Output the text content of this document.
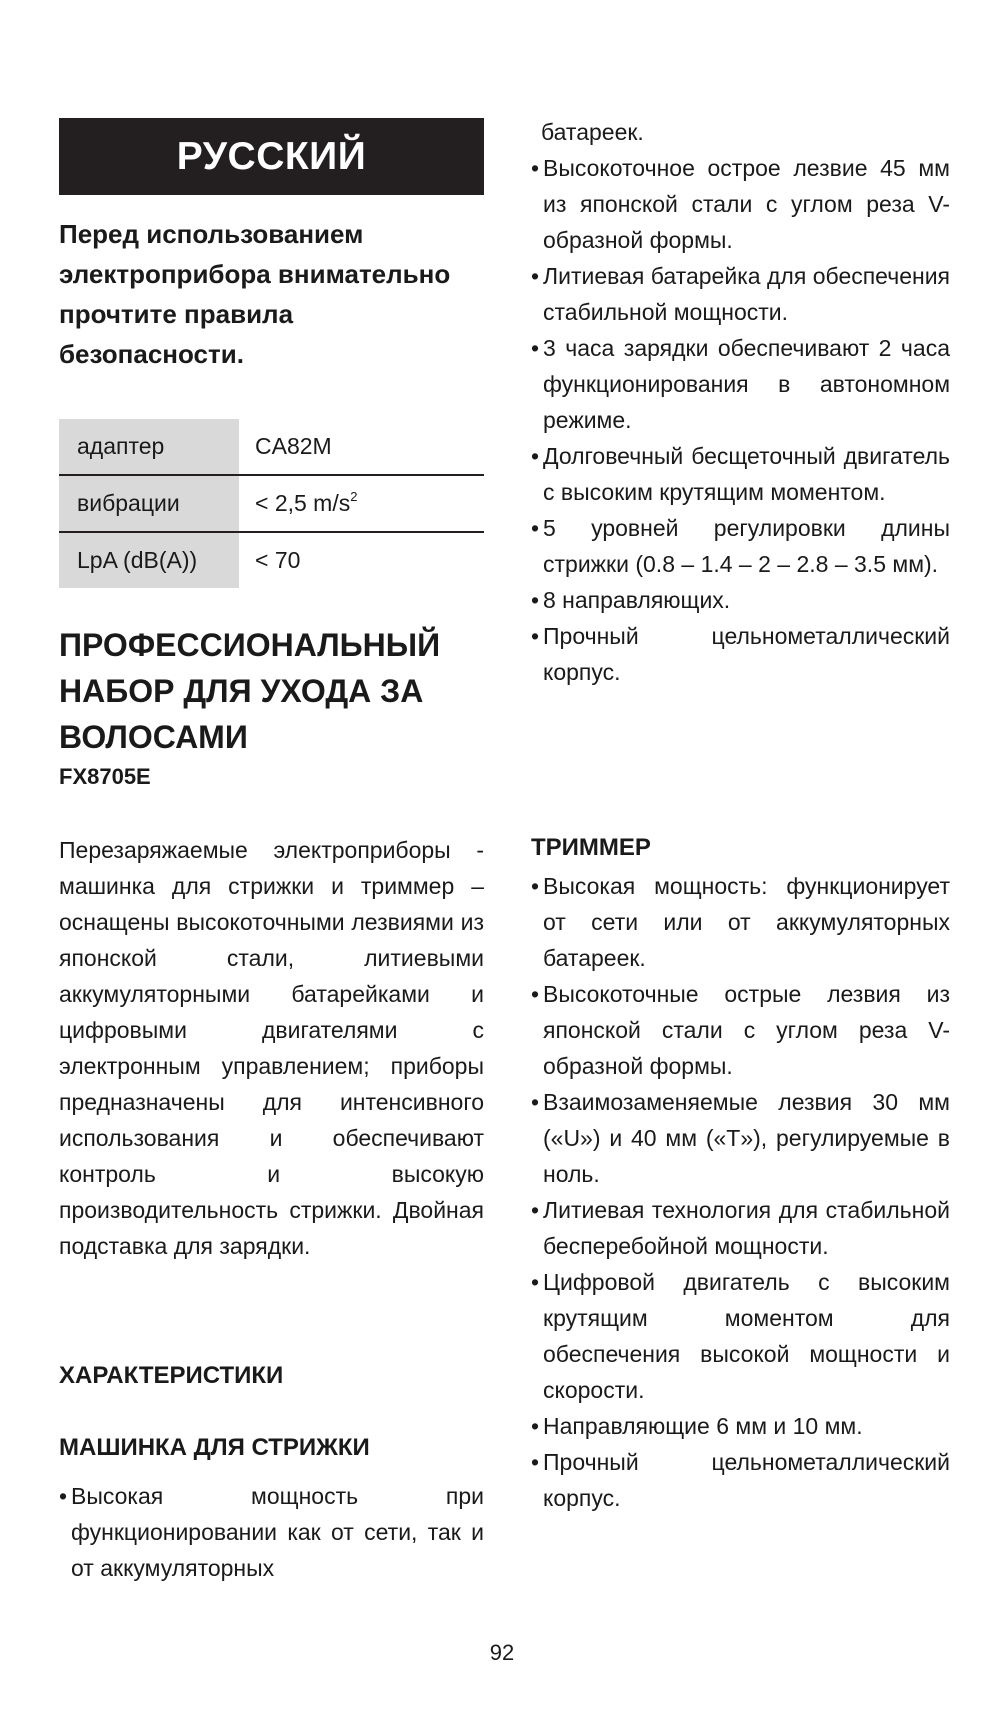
РУССКИЙ
Перед использованием электроприбора внимательно прочтите правила безопасности.
адаптер	CA82M
вибрации	< 2,5 $m/s^2$
LpA (dB(A))	< 70
ПРОФЕССИОНАЛЬНЫЙ НАБОР ДЛЯ УХОДА ЗА ВОЛОСАМИ
FX8705E
Перезаряжаемые электроприборы - машинка для стрижки и триммер – оснащены высокоточными лезвиями из японской стали, литиевыми аккумуляторными батарейками и цифровыми двигателями с электронным управлением; приборы предназначены для интенсивного использования и обеспечивают контроль и высокую производительность стрижки. Двойная подставка для зарядки.
ХАРАКТЕРИСТИКИ
МАШИНКА ДЛЯ СТРИЖКИ
• Высокая мощность при функционировании как от сети, так и от аккумуляторных
батареек.
• Высокоточное острое лезвие 45 мм из японской стали с углом реза V-образной формы.
• Литиевая батарейка для обеспечения стабильной мощности.
• 3 часа зарядки обеспечивают 2 часа функционирования в автономном режиме.
• Долговечный бесщеточный двигатель с высоким крутящим моментом.
• 5 уровней регулировки длины стрижки (0.8 – 1.4 – 2 – 2.8 – 3.5 мм).
• 8 направляющих.
• Прочный цельнометаллический корпус.
ТРИММЕР
• Высокая мощность: функционирует от сети или от аккумуляторных батареек.
• Высокоточные острые лезвия из японской стали с углом реза V-образной формы.
• Взаимозаменяемые лезвия 30 мм («U») и 40 мм («T»), регулируемые в ноль.
• Литиевая технология для стабильной бесперебойной мощности.
• Цифровой двигатель с высоким крутящим моментом для обеспечения высокой мощности и скорости.
• Направляющие 6 мм и 10 мм.
• Прочный цельнометаллический корпус.
92
